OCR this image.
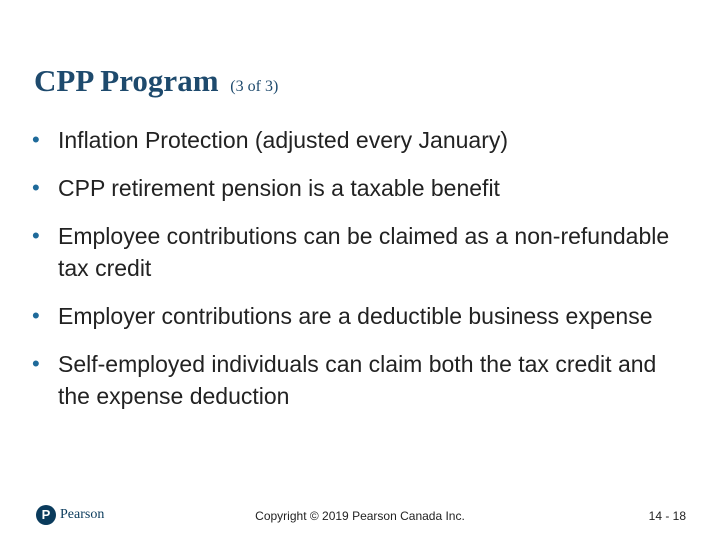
CPP Program (3 of 3)
• Inflation Protection (adjusted every January)
• CPP retirement pension is a taxable benefit
• Employee contributions can be claimed as a non-refundable tax credit
• Employer contributions are a deductible business expense
• Self-employed individuals can claim both the tax credit and the expense deduction
P Pearson	Copyright © 2019 Pearson Canada Inc.	14 - 18
